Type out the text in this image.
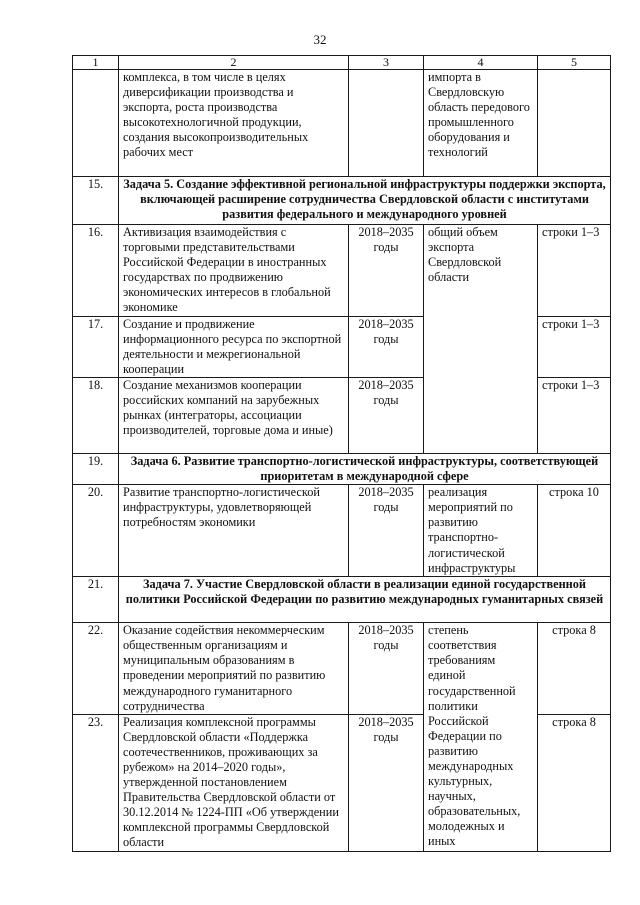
32
1	2	3	4	5
	комплекса, в том числе в целях диверсификации производства и экспорта, роста производства высокотехнологичной продукции, создания высокопроизводительных рабочих мест		импорта в Свердловскую область передового промышленного оборудования и технологий	
15.	Задача 5. Создание эффективной региональной инфраструктуры поддержки экспорта, включающей расширение сотрудничества Свердловской области с институтами развития федерального и международного уровней			
16.	Активизация взаимодействия с торговыми представительствами Российской Федерации в иностранных государствах по продвижению экономических интересов в глобальной экономике	2018–2035 годы	общий объем экспорта Свердловской области	строки 1–3
17.	Создание и продвижение информационного ресурса по экспортной деятельности и межрегиональной кооперации	2018–2035 годы		строки 1–3
18.	Создание механизмов кооперации российских компаний на зарубежных рынках (интеграторы, ассоциации производителей, торговые дома и иные)	2018–2035 годы		строки 1–3
19.	Задача 6. Развитие транспортно-логистической инфраструктуры, соответствующей приоритетам в международной сфере			
20.	Развитие транспортно-логистической инфраструктуры, удовлетворяющей потребностям экономики	2018–2035 годы	реализация мероприятий по развитию транспортно-логистической инфраструктуры	строка 10
21.	Задача 7. Участие Свердловской области в реализации единой государственной политики Российской Федерации по развитию международных гуманитарных связей			
22.	Оказание содействия некоммерческим общественным организациям и муниципальным образованиям в проведении мероприятий по развитию международного гуманитарного сотрудничества	2018–2035 годы	степень соответствия требованиям единой государственной политики Российской Федерации по развитию международных культурных, научных, образовательных, молодежных и иных	строка 8
23.	Реализация комплексной программы Свердловской области «Поддержка соотечественников, проживающих за рубежом» на 2014–2020 годы», утвержденной постановлением Правительства Свердловской области от 30.12.2014 № 1224-ПП «Об утверждении комплексной программы Свердловской области	2018–2035 годы		строка 8
